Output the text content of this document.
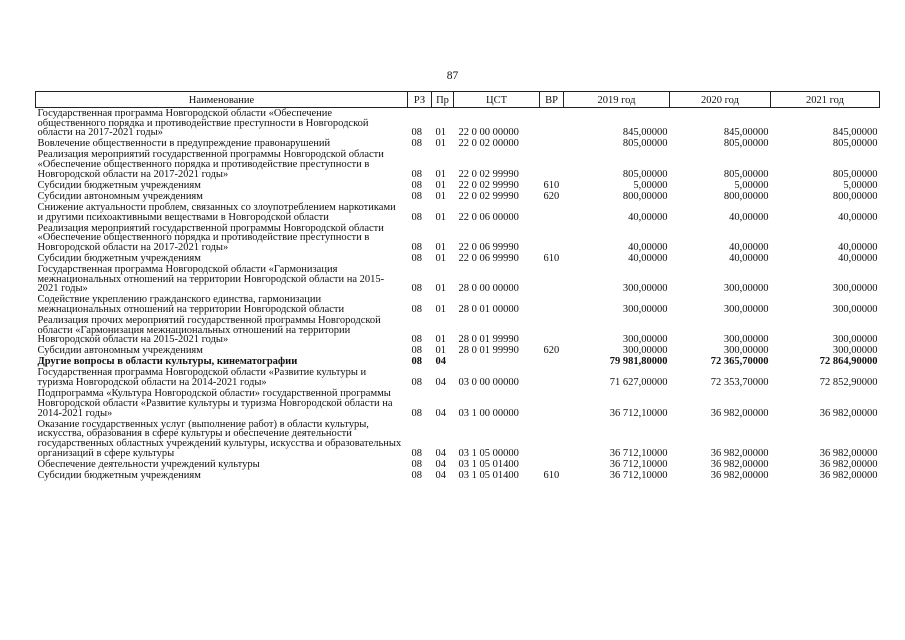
87
Наименование	РЗ	Пр	ЦСТ	ВР	2019 год	2020 год	2021 год
Государственная программа Новгородской области «Обеспечение общественного порядка и противодействие преступности в Новгородской области на 2017-2021 годы»	08	01	22 0 00 00000		845,00000	845,00000	845,00000
Вовлечение общественности в предупреждение правонарушений	08	01	22 0 02 00000		805,00000	805,00000	805,00000
Реализация мероприятий государственной программы Новгородской области «Обеспечение общественного порядка и противодействие преступности в Новгородской области на 2017-2021 годы»	08	01	22 0 02 99990		805,00000	805,00000	805,00000
Субсидии бюджетным учреждениям	08	01	22 0 02 99990	610	5,00000	5,00000	5,00000
Субсидии автономным учреждениям	08	01	22 0 02 99990	620	800,00000	800,00000	800,00000
Снижение актуальности проблем, связанных со злоупотреблением наркотиками и другими психоактивными веществами в Новгородской области	08	01	22 0 06 00000		40,00000	40,00000	40,00000
Реализация мероприятий государственной программы Новгородской области «Обеспечение общественного порядка и противодействие преступности в Новгородской области на 2017-2021 годы»	08	01	22 0 06 99990		40,00000	40,00000	40,00000
Субсидии бюджетным учреждениям	08	01	22 0 06 99990	610	40,00000	40,00000	40,00000
Государственная программа Новгородской области «Гармонизация межнациональных отношений на территории Новгородской области на 2015-2021 годы»	08	01	28 0 00 00000		300,00000	300,00000	300,00000
Содействие укреплению гражданского единства, гармонизации межнациональных отношений на территории Новгородской области	08	01	28 0 01 00000		300,00000	300,00000	300,00000
Реализация прочих мероприятий государственной программы Новгородской области «Гармонизация межнациональных отношений на территории Новгородской области на 2015-2021 годы»	08	01	28 0 01 99990		300,00000	300,00000	300,00000
Субсидии автономным учреждениям	08	01	28 0 01 99990	620	300,00000	300,00000	300,00000
Другие вопросы в области культуры, кинематографии	08	04			79 981,80000	72 365,70000	72 864,90000
Государственная программа Новгородской области «Развитие культуры и туризма Новгородской области на 2014-2021 годы»	08	04	03 0 00 00000		71 627,00000	72 353,70000	72 852,90000
Подпрограмма «Культура Новгородской области» государственной программы Новгородской области «Развитие культуры и туризма Новгородской области на 2014-2021 годы»	08	04	03 1 00 00000		36 712,10000	36 982,00000	36 982,00000
Оказание государственных услуг (выполнение работ) в области культуры, искусства, образования в сфере культуры и обеспечение деятельности государственных областных учреждений культуры, искусства и образовательных организаций в сфере культуры	08	04	03 1 05 00000		36 712,10000	36 982,00000	36 982,00000
Обеспечение деятельности учреждений культуры	08	04	03 1 05 01400		36 712,10000	36 982,00000	36 982,00000
Субсидии бюджетным учреждениям	08	04	03 1 05 01400	610	36 712,10000	36 982,00000	36 982,00000
